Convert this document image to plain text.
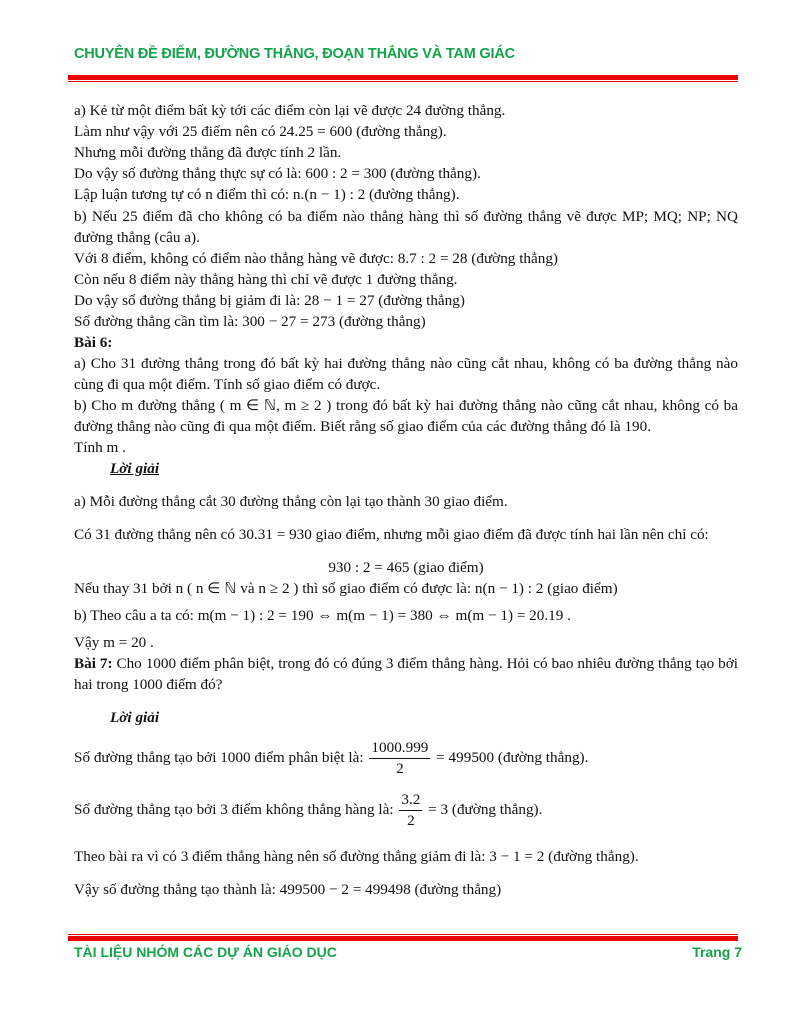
CHUYÊN ĐỀ ĐIỂM, ĐƯỜNG THẲNG, ĐOẠN THẲNG VÀ TAM GIÁC
a) Kẻ từ một điểm bất kỳ tới các điểm còn lại vẽ được 24 đường thẳng.
Làm như vậy với 25 điểm nên có 24.25 = 600 (đường thẳng).
Nhưng mỗi đường thẳng đã được tính 2 lần.
Do vậy số đường thẳng thực sự có là: 600 : 2 = 300 (đường thẳng).
Lập luận tương tự có n điểm thì có: n.(n − 1) : 2 (đường thẳng).
b) Nếu 25 điểm đã cho không có ba điểm nào thẳng hàng thì số đường thẳng vẽ được MP; MQ; NP; NQ đường thẳng (câu a).
Với 8 điểm, không có điểm nào thẳng hàng vẽ được: 8.7 : 2 = 28 (đường thẳng)
Còn nếu 8 điểm này thẳng hàng thì chỉ vẽ được 1 đường thẳng.
Do vậy số đường thẳng bị giảm đi là: 28 − 1 = 27 (đường thẳng)
Số đường thẳng cần tìm là: 300 − 27 = 273 (đường thẳng)
Bài 6:
a) Cho 31 đường thẳng trong đó bất kỳ hai đường thẳng nào cũng cắt nhau, không có ba đường thẳng nào cùng đi qua một điểm. Tính số giao điểm có được.
b) Cho m đường thẳng ( m ∈ ℕ, m ≥ 2 ) trong đó bất kỳ hai đường thẳng nào cũng cắt nhau, không có ba đường thẳng nào cũng đi qua một điểm. Biết rằng số giao điểm của các đường thẳng đó là 190.
Tính m .
Lời giải
a) Mỗi đường thẳng cắt 30 đường thẳng còn lại tạo thành 30 giao điểm.
Có 31 đường thẳng nên có 30.31 = 930 giao điểm, nhưng mỗi giao điểm đã được tính hai lần nên chỉ có:
930 : 2 = 465 (giao điểm)
Nếu thay 31 bởi n ( n ∈ ℕ và n ≥ 2 ) thì số giao điểm có được là: n(n − 1) : 2 (giao điểm)
b) Theo câu a ta có: m(m − 1) : 2 = 190 ⇔ m(m − 1) = 380 ⇔ m(m − 1) = 20.19 .
Vậy m = 20 .
Bài 7: Cho 1000 điểm phân biệt, trong đó có đúng 3 điểm thẳng hàng. Hỏi có bao nhiêu đường thẳng tạo bởi hai trong 1000 điểm đó?
Lời giải
Số đường thẳng tạo bởi 1000 điểm phân biệt là: $\frac{1000.999}{2} = 499500$ (đường thẳng).
Số đường thẳng tạo bởi 3 điểm không thẳng hàng là: $\frac{3.2}{2} = 3$ (đường thẳng).
Theo bài ra vì có 3 điểm thẳng hàng nên số đường thẳng giảm đi là: 3 − 1 = 2 (đường thẳng).
Vậy số đường thẳng tạo thành là: 499500 − 2 = 499498 (đường thẳng)
TÀI LIỆU NHÓM CÁC DỰ ÁN GIÁO DỤC	Trang 7
